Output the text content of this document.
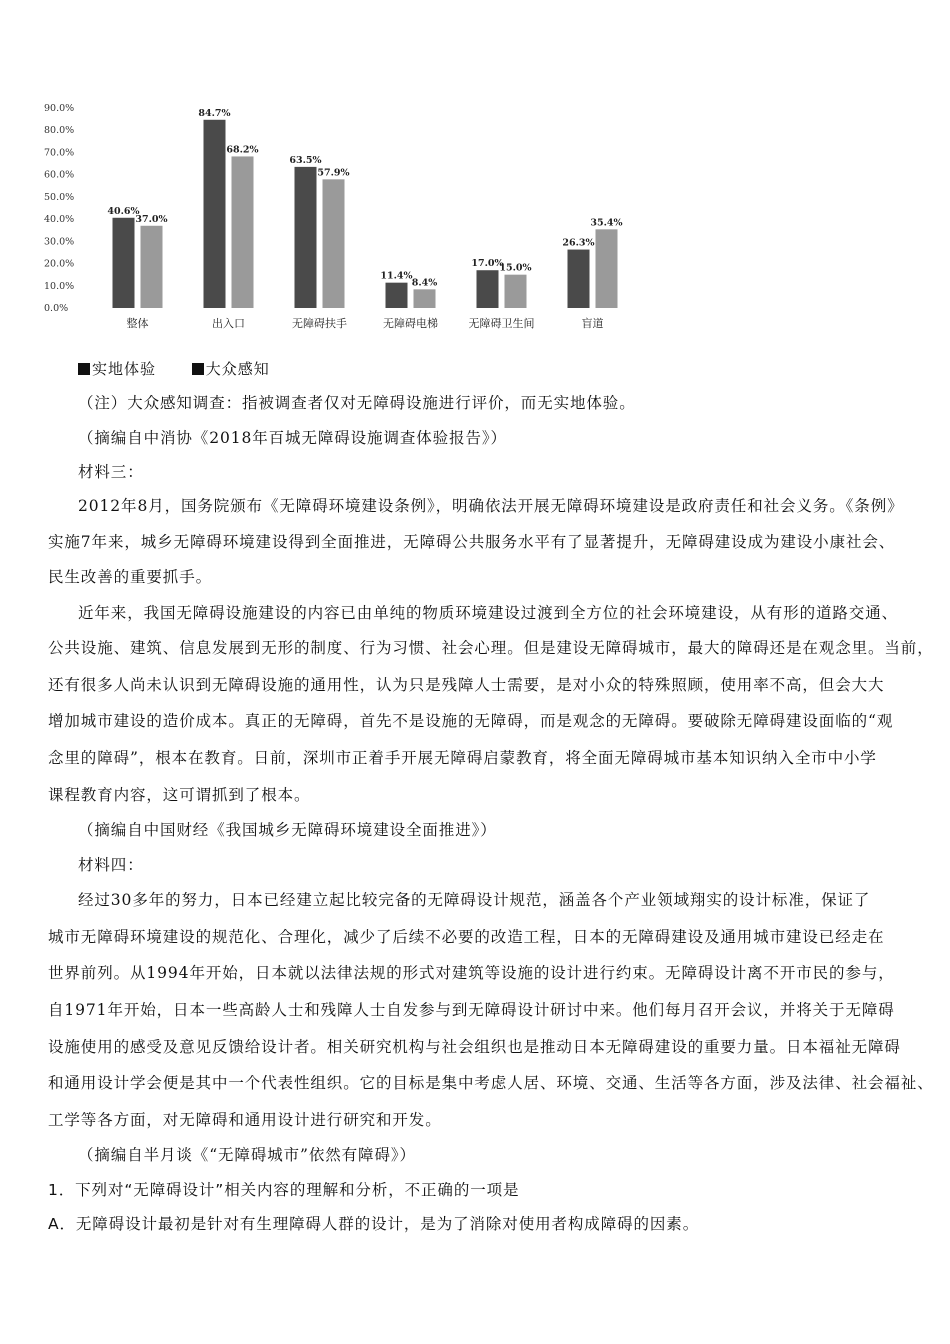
90.0%
80.0%
70.0%
60.0%
50.0%
40.0%
30.0%
20.0%
10.0%
0.0%
40.6%
37.0%
整体
84.7%
68.2%
出入口
63.5%
57.9%
无障碍扶手
11.4%
8.4%
无障碍电梯
17.0%
15.0%
无障碍卫生间
26.3%
35.4%
盲道
实地体验	大众感知
（注）大众感知调查：指被调查者仅对无障碍设施进行评价，而无实地体验。
（摘编自中消协《2018年百城无障碍设施调查体验报告》）
材料三：
2012年8月，国务院颁布《无障碍环境建设条例》，明确依法开展无障碍环境建设是政府责任和社会义务。《条例》
实施7年来，城乡无障碍环境建设得到全面推进，无障碍公共服务水平有了显著提升，无障碍建设成为建设小康社会、
民生改善的重要抓手。
近年来，我国无障碍设施建设的内容已由单纯的物质环境建设过渡到全方位的社会环境建设，从有形的道路交通、
公共设施、建筑、信息发展到无形的制度、行为习惯、社会心理。但是建设无障碍城市，最大的障碍还是在观念里。当前，
还有很多人尚未认识到无障碍设施的通用性，认为只是残障人士需要，是对小众的特殊照顾，使用率不高，但会大大
增加城市建设的造价成本。真正的无障碍，首先不是设施的无障碍，而是观念的无障碍。要破除无障碍建设面临的“观
念里的障碍”，根本在教育。日前，深圳市正着手开展无障碍启蒙教育，将全面无障碍城市基本知识纳入全市中小学
课程教育内容，这可谓抓到了根本。
（摘编自中国财经《我国城乡无障碍环境建设全面推进》）
材料四：
经过30多年的努力，日本已经建立起比较完备的无障碍设计规范，涵盖各个产业领域翔实的设计标准，保证了
城市无障碍环境建设的规范化、合理化，减少了后续不必要的改造工程，日本的无障碍建设及通用城市建设已经走在
世界前列。从1994年开始，日本就以法律法规的形式对建筑等设施的设计进行约束。无障碍设计离不开市民的参与，
自1971年开始，日本一些高龄人士和残障人士自发参与到无障碍设计研讨中来。他们每月召开会议，并将关于无障碍
设施使用的感受及意见反馈给设计者。相关研究机构与社会组织也是推动日本无障碍建设的重要力量。日本福祉无障碍
和通用设计学会便是其中一个代表性组织。它的目标是集中考虑人居、环境、交通、生活等各方面，涉及法律、社会福祉、
工学等各方面，对无障碍和通用设计进行研究和开发。
（摘编自半月谈《“无障碍城市”依然有障碍》）
1．下列对“无障碍设计”相关内容的理解和分析，不正确的一项是
A．无障碍设计最初是针对有生理障碍人群的设计，是为了消除对使用者构成障碍的因素。
